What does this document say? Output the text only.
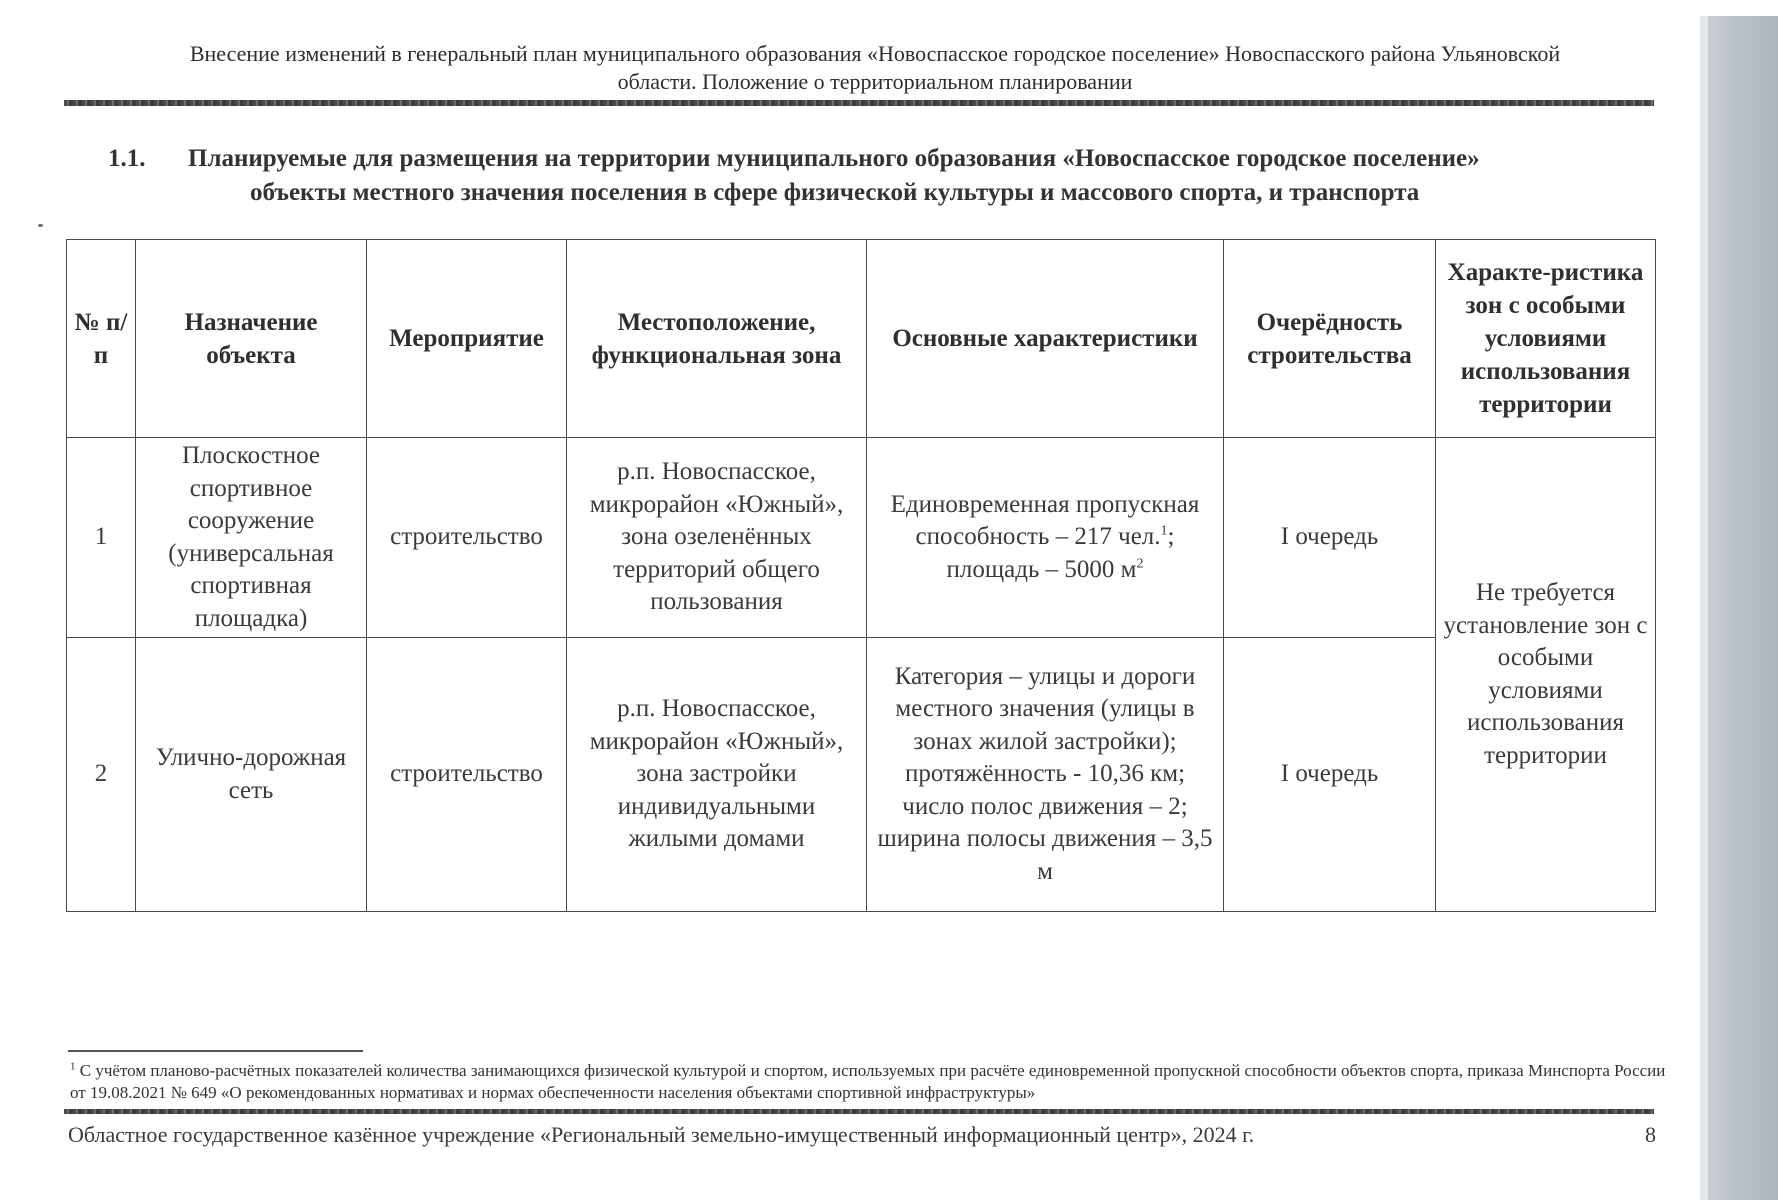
Внесение изменений в генеральный план муниципального образования «Новоспасское городское поселение» Новоспасского района Ульяновской
области. Положение о территориальном планировании
1.1. Планируемые для размещения на территории муниципального образования «Новоспасское городское поселение»
объекты местного значения поселения в сфере физической культуры и массового спорта, и транспорта
№ п/п	Назначение объекта	Мероприятие	Местоположение, функциональная зона	Основные характеристики	Очерёдность строительства	Характе-ристика зон с особыми условиями использования территории
1	Плоскостное спортивное сооружение (универсальная спортивная площадка)	строительство	р.п. Новоспасское, микрорайон «Южный», зона озеленённых территорий общего пользования	Единовременная пропускная способность – 217 чел.$^1$; площадь – 5000 $м^2$	I очередь	Не требуется установление зон с особыми условиями использования территории
2	Улично-дорожная сеть	строительство	р.п. Новоспасское, микрорайон «Южный», зона застройки индивидуальными жилыми домами	Категория – улицы и дороги местного значения (улицы в зонах жилой застройки); протяжённость - 10,36 км; число полос движения – 2; ширина полосы движения – 3,5 м	I очередь	
$^1$ С учётом планово-расчётных показателей количества занимающихся физической культурой и спортом, используемых при расчёте единовременной пропускной способности объектов спорта, приказа Минспорта России от 19.08.2021 № 649 «О рекомендованных нормативах и нормах обеспеченности населения объектами спортивной инфраструктуры»
Областное государственное казённое учреждение «Региональный земельно-имущественный информационный центр», 2024 г.	8
